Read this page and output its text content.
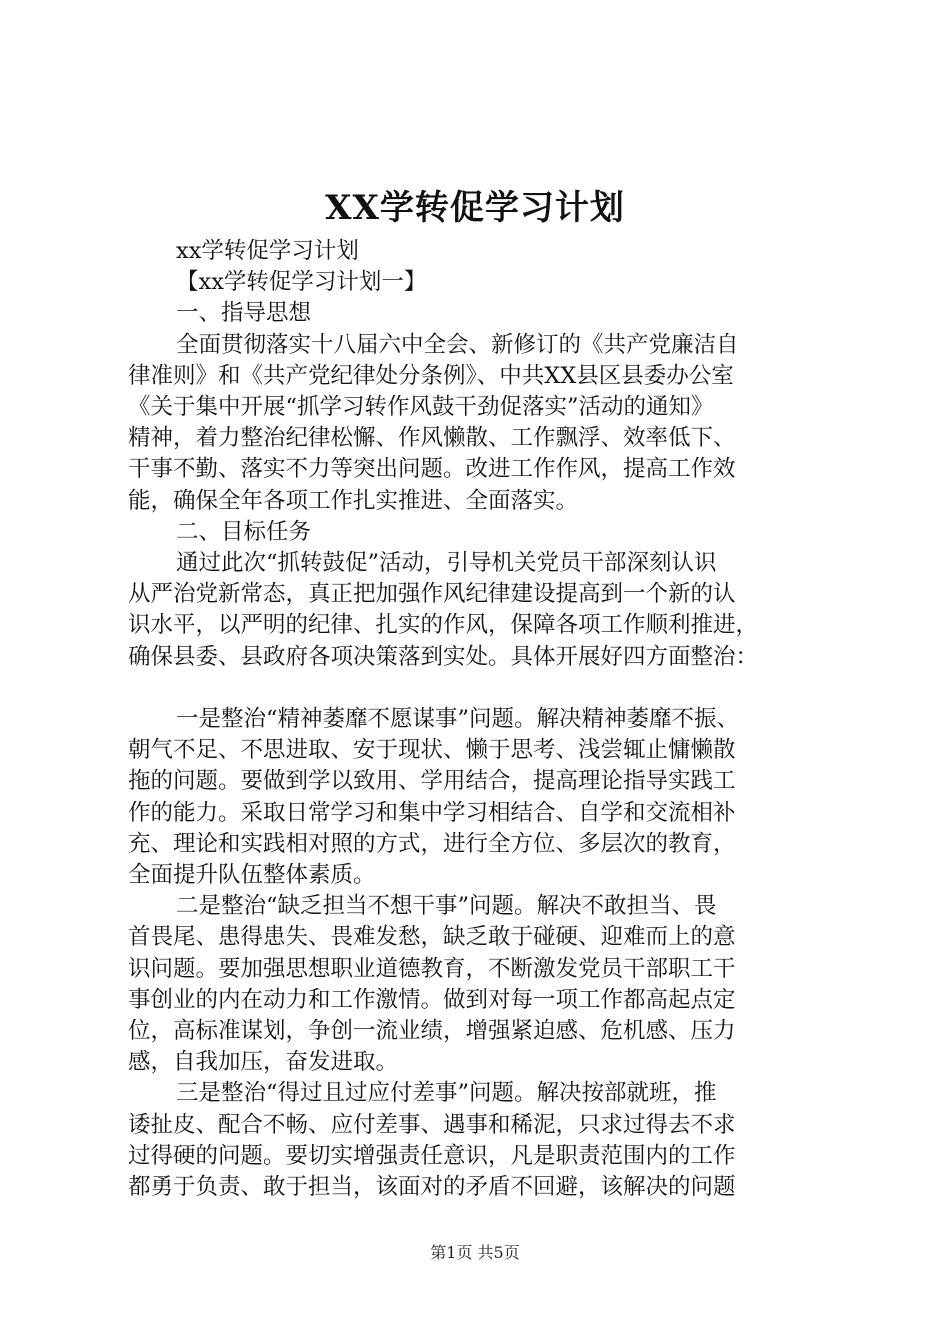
XX学转促学习计划

xx学转促学习计划

【xx学转促学习计划一】

一、指导思想

全面贯彻落实十八届六中全会、新修订的《共产党廉洁自

律准则》和《共产党纪律处分条例》、中共XX县区县委办公室

《关于集中开展“抓学习转作风鼓干劲促落实”活动的通知》

精神，着力整治纪律松懈、作风懒散、工作飘浮、效率低下、

干事不勤、落实不力等突出问题。改进工作作风，提高工作效

能，确保全年各项工作扎实推进、全面落实。

二、目标任务

通过此次“抓转鼓促”活动，引导机关党员干部深刻认识

从严治党新常态，真正把加强作风纪律建设提高到一个新的认

识水平，以严明的纪律、扎实的作风，保障各项工作顺利推进，

确保县委、县政府各项决策落到实处。具体开展好四方面整治：

一是整治“精神萎靡不愿谋事”问题。解决精神萎靡不振、

朝气不足、不思进取、安于现状、懒于思考、浅尝辄止慵懒散

拖的问题。要做到学以致用、学用结合，提高理论指导实践工

作的能力。采取日常学习和集中学习相结合、自学和交流相补

充、理论和实践相对照的方式，进行全方位、多层次的教育，

全面提升队伍整体素质。

二是整治“缺乏担当不想干事”问题。解决不敢担当、畏

首畏尾、患得患失、畏难发愁，缺乏敢于碰硬、迎难而上的意

识问题。要加强思想职业道德教育，不断激发党员干部职工干

事创业的内在动力和工作激情。做到对每一项工作都高起点定

位，高标准谋划，争创一流业绩，增强紧迫感、危机感、压力

感，自我加压，奋发进取。

三是整治“得过且过应付差事”问题。解决按部就班，推

诿扯皮、配合不畅、应付差事、遇事和稀泥，只求过得去不求

过得硬的问题。要切实增强责任意识，凡是职责范围内的工作

都勇于负责、敢于担当，该面对的矛盾不回避，该解决的问题

第1页 共5页
